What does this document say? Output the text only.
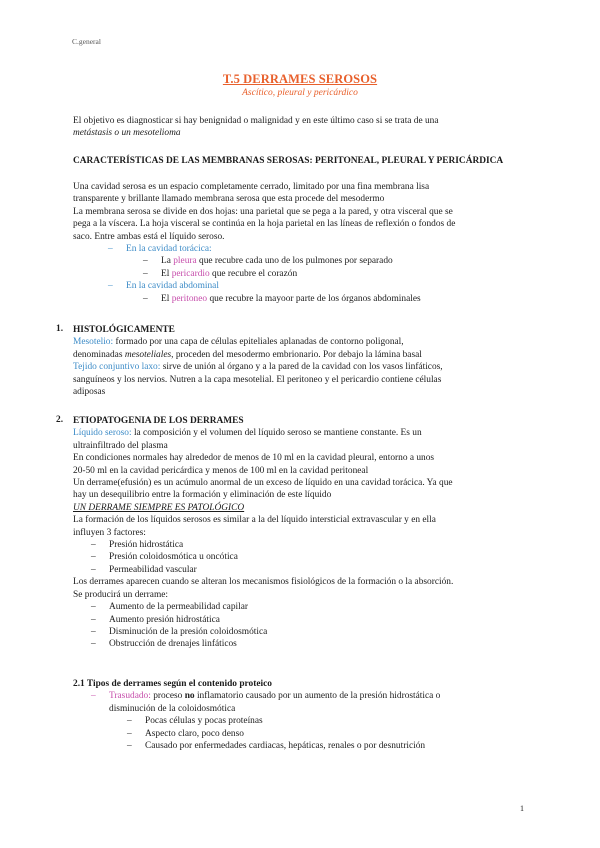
C.general
T.5 DERRAMES SEROSOS
Ascítico, pleural y pericárdico

El objetivo es diagnosticar si hay benignidad o malignidad y en este último caso si se trata de una

metástasis o un mesotelioma

CARACTERÍSTICAS DE LAS MEMBRANAS SEROSAS: PERITONEAL, PLEURAL Y PERICÁRDICA

Una cavidad serosa es un espacio completamente cerrado, limitado por una fina membrana lisa

transparente y brillante llamado membrana serosa que esta procede del mesodermo

La membrana serosa se divide en dos hojas: una parietal que se pega a la pared, y otra visceral que se

pega a la víscera. La hoja visceral se continúa en la hoja parietal en las líneas de reflexión o fondos de

saco. Entre ambas está el líquido seroso.

– En la cavidad torácica:

– La pleura que recubre cada uno de los pulmones por separado

– El pericardio que recubre el corazón

– En la cavidad abdominal

– El peritoneo que recubre la mayoor parte de los órganos abdominales

1. HISTOLÓGICAMENTE

Mesotelio: formado por una capa de células epiteliales aplanadas de contorno poligonal,

denominadas mesoteliales, proceden del mesodermo embrionario. Por debajo la lámina basal

Tejido conjuntivo laxo: sirve de unión al órgano y a la pared de la cavidad con los vasos linfáticos,

sanguíneos y los nervios. Nutren a la capa mesotelial. El peritoneo y el pericardio contiene células

adiposas

2. ETIOPATOGENIA DE LOS DERRAMES

Líquido seroso: la composición y el volumen del líquido seroso se mantiene constante. Es un

ultrainfiltrado del plasma

En condiciones normales hay alrededor de menos de 10 ml en la cavidad pleural, entorno a unos

20-50 ml en la cavidad pericárdica y menos de 100 ml en la cavidad peritoneal

Un derrame(efusión) es un acúmulo anormal de un exceso de líquido en una cavidad torácica. Ya que

hay un desequilibrio entre la formación y eliminación de este líquido

UN DERRAME SIEMPRE ES PATOLÓGICO

La formación de los líquidos serosos es similar a la del líquido intersticial extravascular y en ella

influyen 3 factores:

– Presión hidrostática

– Presión coloidosmótica u oncótica

– Permeabilidad vascular

Los derrames aparecen cuando se alteran los mecanismos fisiológicos de la formación o la absorción.

Se producirá un derrame:

– Aumento de la permeabilidad capilar

– Aumento presión hidrostática

– Disminución de la presión coloidosmótica

– Obstrucción de drenajes linfáticos

2.1 Tipos de derrames según el contenido proteico

– Trasudado: proceso no inflamatorio causado por un aumento de la presión hidrostática o

disminución de la coloidosmótica

– Pocas células y pocas proteínas

– Aspecto claro, poco denso

– Causado por enfermedades cardiacas, hepáticas, renales o por desnutrición

1
